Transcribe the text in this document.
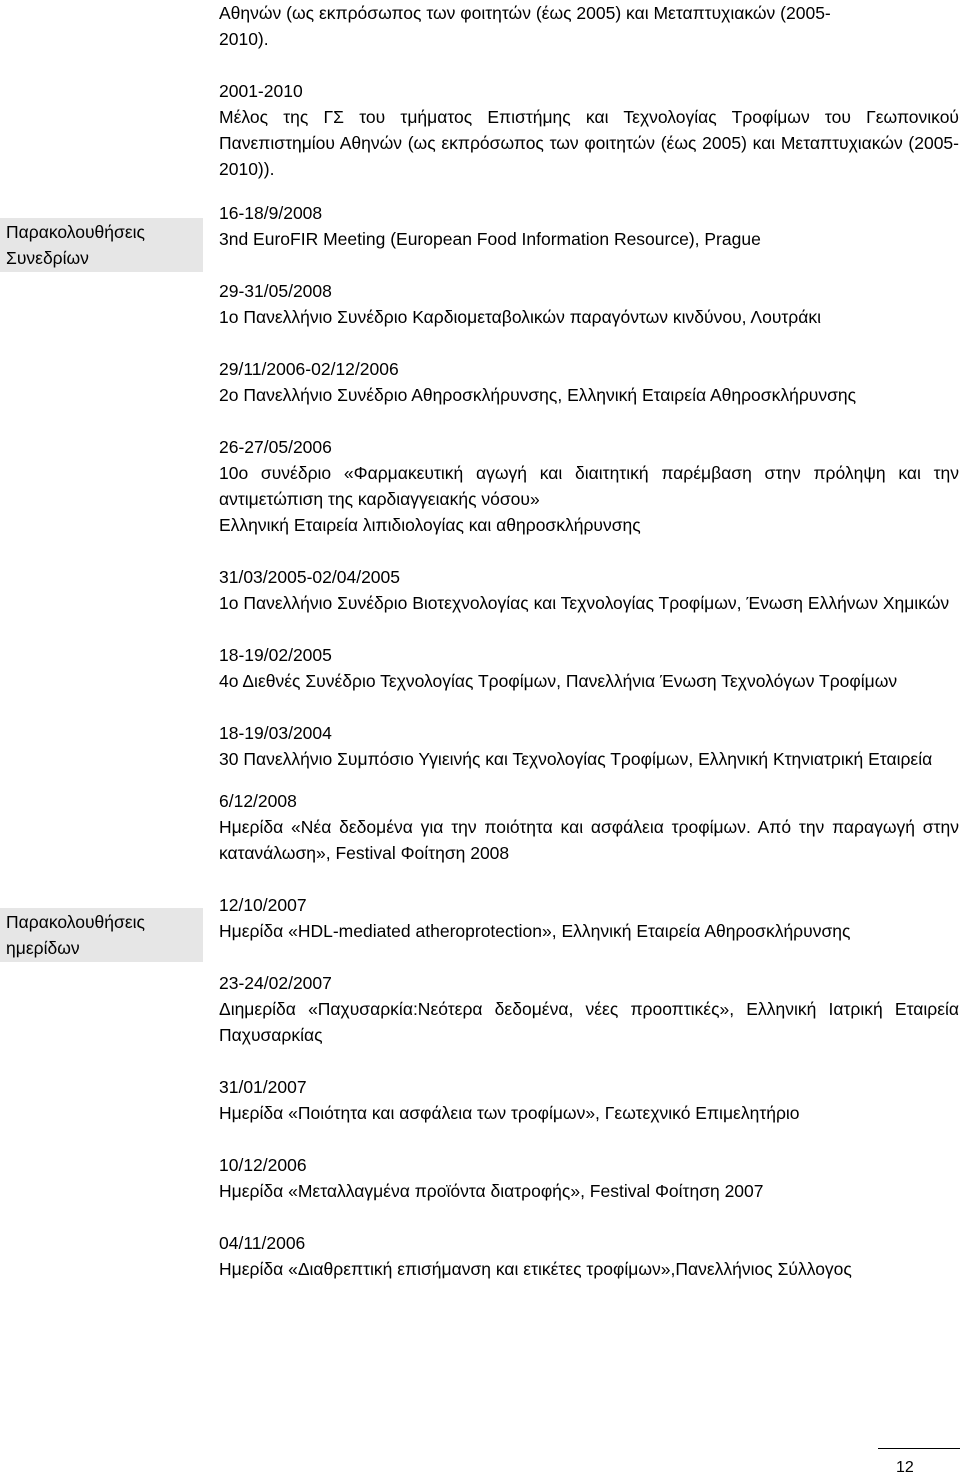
Αθηνών (ως εκπρόσωπος των φοιτητών (έως 2005) και Μεταπτυχιακών (2005-
2010).

2001-2010

Μέλος της ΓΣ του τμήματος Επιστήμης και Τεχνολογίας Τροφίμων του Γεωπονικού Πανεπιστημίου Αθηνών (ως εκπρόσωπος των φοιτητών (έως 2005) και Μεταπτυχιακών (2005-2010)).

16-18/9/2008

3nd EuroFIR Meeting (European Food Information Resource), Prague

29-31/05/2008

1ο Πανελλήνιο Συνέδριο Καρδιομεταβολικών παραγόντων κινδύνου, Λουτράκι

29/11/2006-02/12/2006

2ο Πανελλήνιο Συνέδριο Αθηροσκλήρυνσης, Ελληνική Εταιρεία Αθηροσκλήρυνσης

26-27/05/2006

10ο συνέδριο «Φαρμακευτική αγωγή και διαιτητική παρέμβαση στην πρόληψη και την αντιμετώπιση της καρδιαγγειακής νόσου»

Ελληνική Εταιρεία λιπιδιολογίας και αθηροσκλήρυνσης

31/03/2005-02/04/2005

1ο Πανελλήνιο Συνέδριο Βιοτεχνολογίας και Τεχνολογίας Τροφίμων, Ένωση Ελλήνων Χημικών

18-19/02/2005

4ο Διεθνές Συνέδριο Τεχνολογίας Τροφίμων, Πανελλήνια Ένωση Τεχνολόγων Τροφίμων

18-19/03/2004

30 Πανελλήνιο Συμπόσιο Υγιεινής και Τεχνολογίας Τροφίμων, Ελληνική Κτηνιατρική Εταιρεία

6/12/2008

Ημερίδα «Νέα δεδομένα για την ποιότητα και ασφάλεια τροφίμων. Από την παραγωγή στην κατανάλωση», Festival Φοίτηση 2008

12/10/2007

Ημερίδα «HDL-mediated atheroprotection», Ελληνική Εταιρεία Αθηροσκλήρυνσης

23-24/02/2007

Διημερίδα «Παχυσαρκία:Νεότερα δεδομένα, νέες προοπτικές», Ελληνική Ιατρική Εταιρεία Παχυσαρκίας

31/01/2007

Ημερίδα «Ποιότητα και ασφάλεια των τροφίμων», Γεωτεχνικό Επιμελητήριο

10/12/2006

Ημερίδα «Μεταλλαγμένα προϊόντα διατροφής», Festival Φοίτηση 2007

04/11/2006

Ημερίδα «Διαθρεπτική επισήμανση και ετικέτες τροφίμων»,Πανελλήνιος Σύλλογος

Παρακολουθήσεις
Συνεδρίων
Παρακολουθήσεις
ημερίδων
12
